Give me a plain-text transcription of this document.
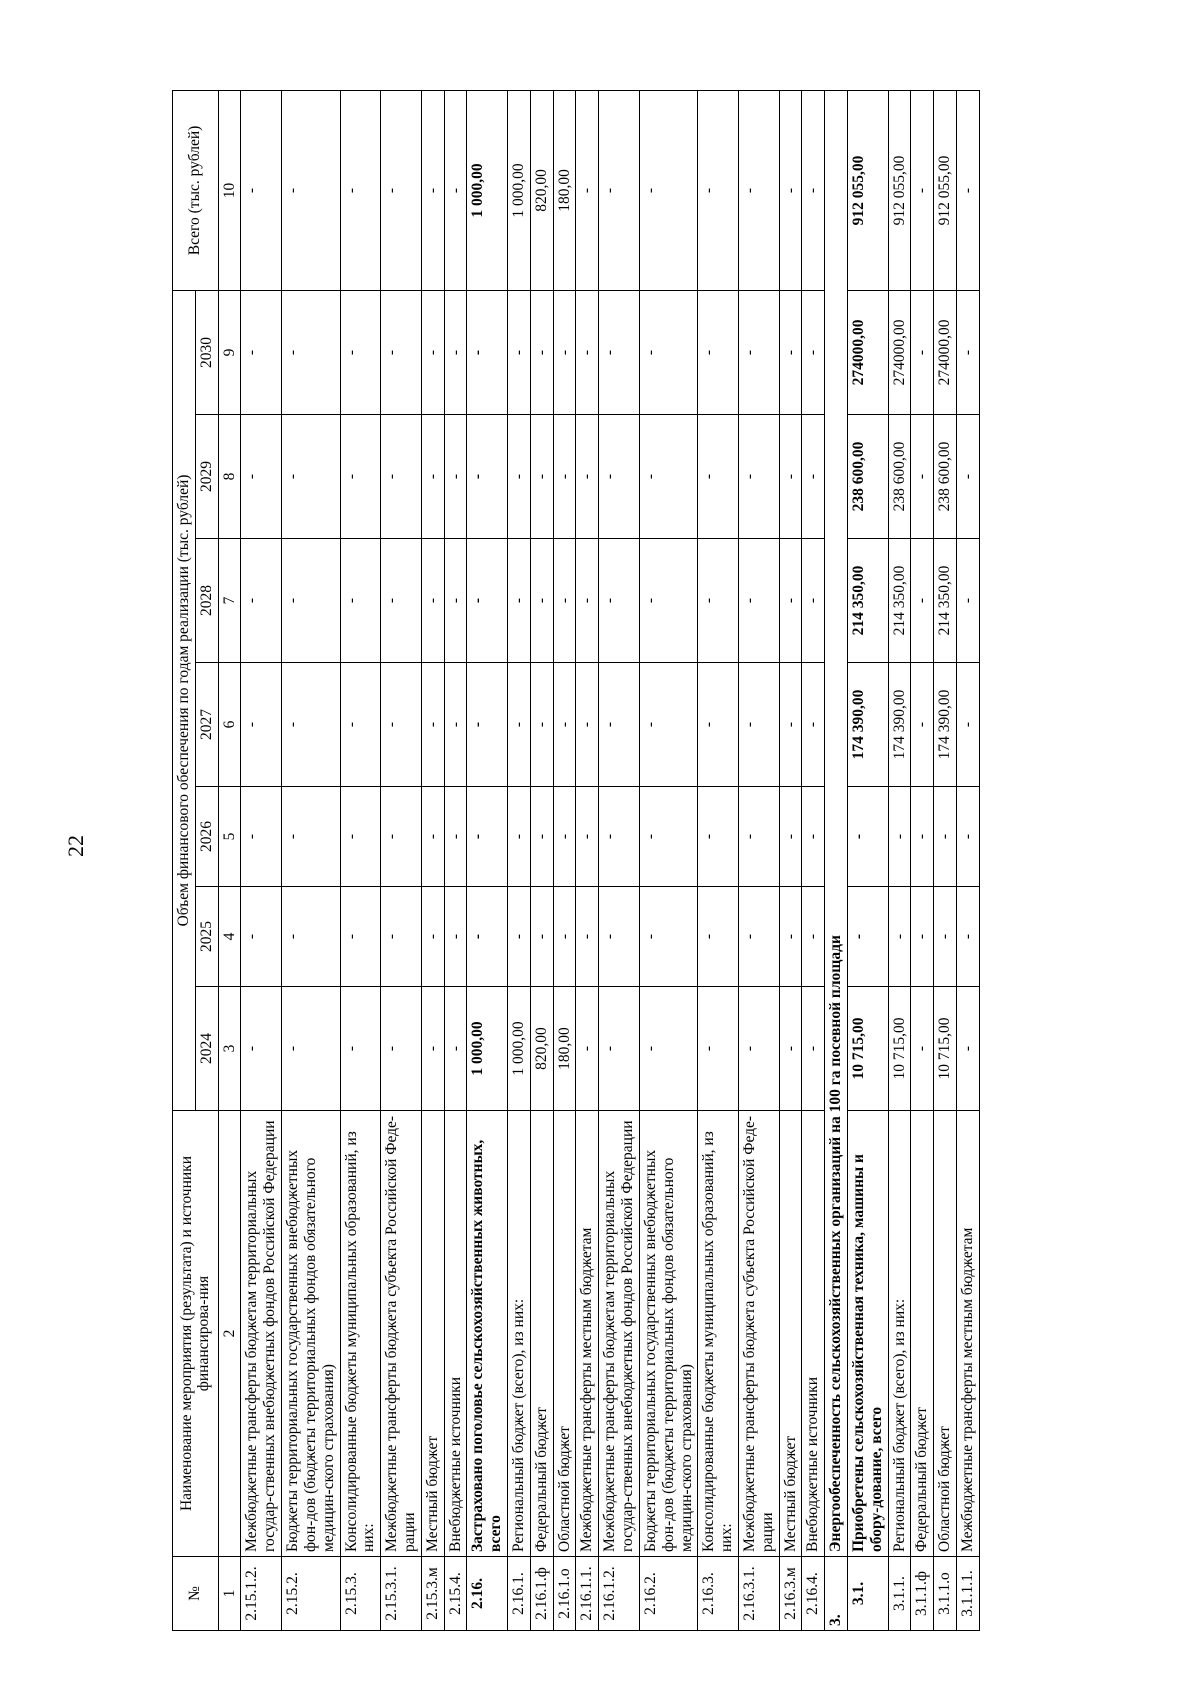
22
№	Наименование мероприятия (результата) и источники финансирова-ния	Объем финансового обеспечения по годам реализации (тыс. рублей)							Всего (тыс. рублей)
		2024	2025	2026	2027	2028	2029	2030	
1	2	3	4	5	6	7	8	9	10
2.15.1.2.	Межбюджетные трансферты бюджетам территориальных государ-ственных внебюджетных фондов Российской Федерации	-	-	-	-	-	-	-	-
2.15.2.	Бюджеты территориальных государственных внебюджетных фон-дов (бюджеты территориальных фондов обязательного медицин-ского страхования)	-	-	-	-	-	-	-	-
2.15.3.	Консолидированные бюджеты муниципальных образований, из них:	-	-	-	-	-	-	-	-
2.15.3.1.	Межбюджетные трансферты бюджета субъекта Российской Феде-рации	-	-	-	-	-	-	-	-
2.15.3.м	Местный бюджет	-	-	-	-	-	-	-	-
2.15.4.	Внебюджетные источники	-	-	-	-	-	-	-	-
2.16.	Застраховано поголовье сельскохозяйственных животных, всего	1 000,00	-	-	-	-	-	-	1 000,00
2.16.1.	Региональный бюджет (всего), из них:	1 000,00	-	-	-	-	-	-	1 000,00
2.16.1.ф	Федеральный бюджет	820,00	-	-	-	-	-	-	820,00
2.16.1.о	Областной бюджет	180,00	-	-	-	-	-	-	180,00
2.16.1.1.	Межбюджетные трансферты местным бюджетам	-	-	-	-	-	-	-	-
2.16.1.2.	Межбюджетные трансферты бюджетам территориальных государ-ственных внебюджетных фондов Российской Федерации	-	-	-	-	-	-	-	-
2.16.2.	Бюджеты территориальных государственных внебюджетных фон-дов (бюджеты территориальных фондов обязательного медицин-ского страхования)	-	-	-	-	-	-	-	-
2.16.3.	Консолидированные бюджеты муниципальных образований, из них:	-	-	-	-	-	-	-	-
2.16.3.1.	Межбюджетные трансферты бюджета субъекта Российской Феде-рации	-	-	-	-	-	-	-	-
2.16.3.м	Местный бюджет	-	-	-	-	-	-	-	-
2.16.4.	Внебюджетные источники	-	-	-	-	-	-	-	-
3.	Энергообеспеченность сельскохозяйственных организаций на 100 га посевной площади								
3.1.	Приобретены сельскохозяйственная техника, машины и обору-дование, всего	10 715,00	-	-	174 390,00	214 350,00	238 600,00	274000,00	912 055,00
3.1.1.	Региональный бюджет (всего), из них:	10 715,00	-	-	174 390,00	214 350,00	238 600,00	274000,00	912 055,00
3.1.1.ф	Федеральный бюджет	-	-	-	-	-	-	-	-
3.1.1.о	Областной бюджет	10 715,00	-	-	174 390,00	214 350,00	238 600,00	274000,00	912 055,00
3.1.1.1.	Межбюджетные трансферты местным бюджетам	-	-	-	-	-	-	-	-
